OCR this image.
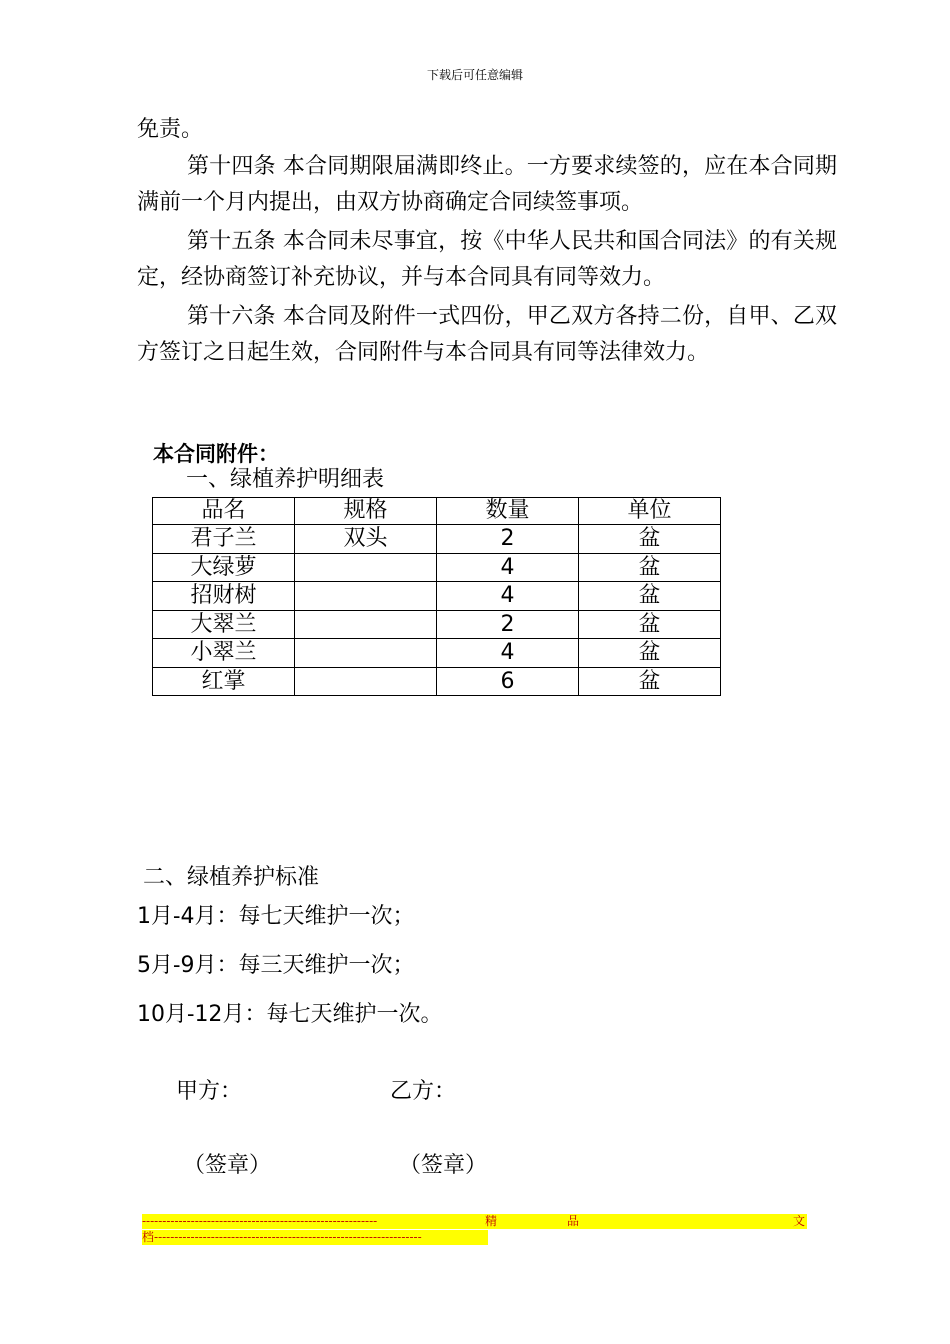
下载后可任意编辑
免责。
第十四条 本合同期限届满即终止。一方要求续签的，应在本合同期满前一个月内提出，由双方协商确定合同续签事项。
第十五条 本合同未尽事宜，按《中华人民共和国合同法》的有关规定，经协商签订补充协议，并与本合同具有同等效力。
第十六条 本合同及附件一式四份，甲乙双方各持二份，自甲、乙双方签订之日起生效，合同附件与本合同具有同等法律效力。
本合同附件：
一、绿植养护明细表
品名	规格	数量	单位
君子兰	双头	2	盆
大绿萝		4	盆
招财树		4	盆
大翠兰		2	盆
小翠兰		4	盆
红掌		6	盆
二、绿植养护标准
1月-4月：每七天维护一次；
5月-9月：每三天维护一次；
10月-12月：每七天维护一次。
甲方：	乙方：
（签章）	（签章）
----------------------------------------------------------	精	品	文
档------------------------------------------------------------------
